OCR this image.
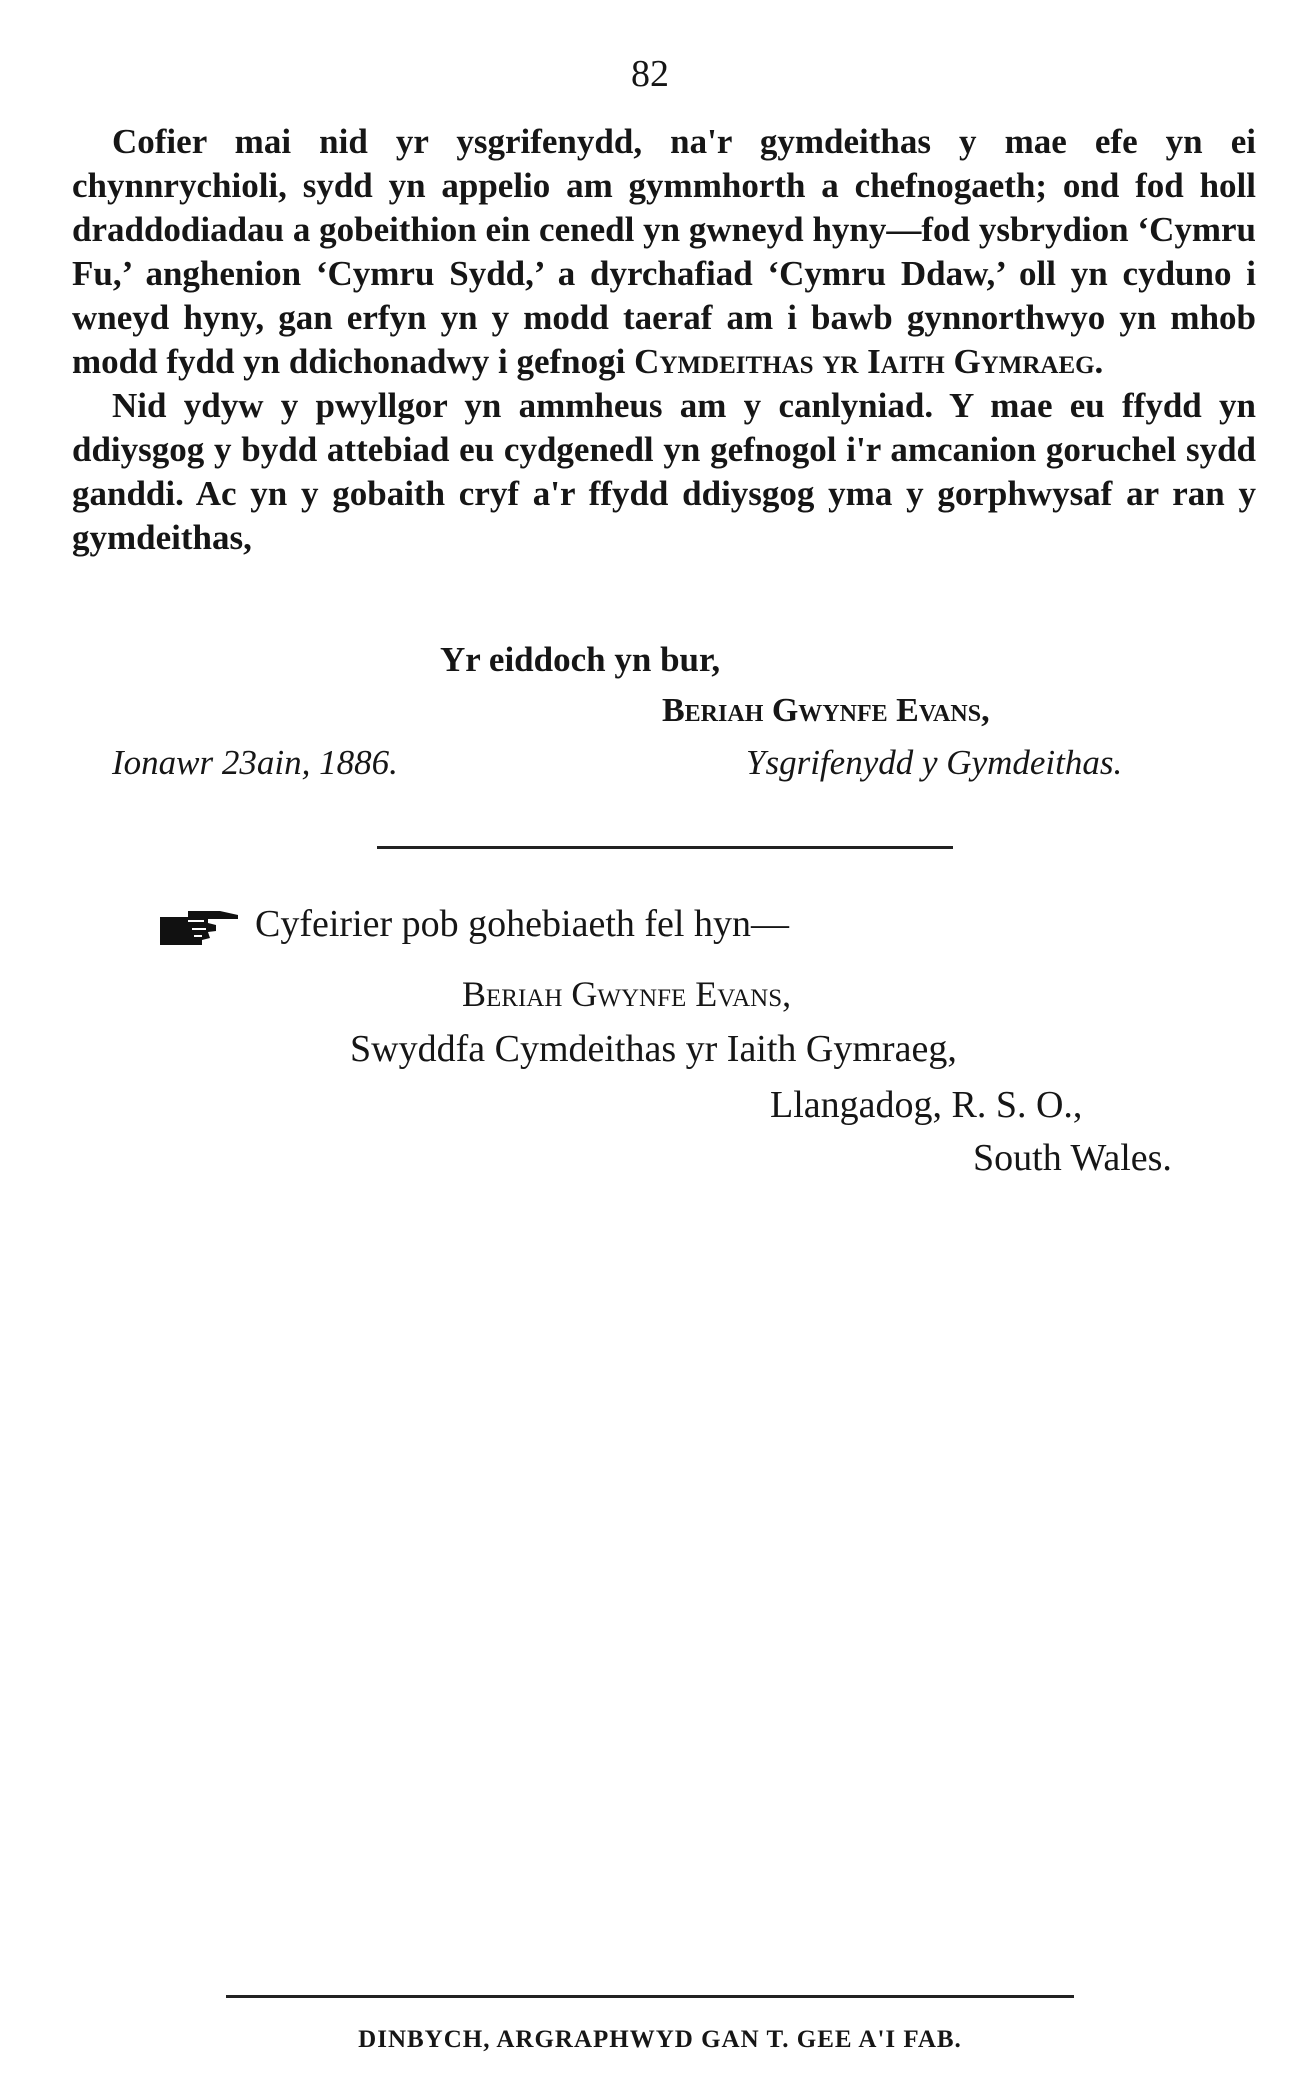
82

Cofier mai nid yr ysgrifenydd, na'r gymdeithas y mae efe yn ei chynnrychioli, sydd yn appelio am gymmhorth a chefnogaeth; ond fod holl draddodiadau a gobeithion ein cenedl yn gwneyd hyny—fod ysbrydion ‘Cymru Fu,’ anghenion ‘Cymru Sydd,’ a dyrchafiad ‘Cymru Ddaw,’ oll yn cyduno i wneyd hyny, gan erfyn yn y modd taeraf am i bawb gynnorthwyo yn mhob modd fydd yn ddichonadwy i gefnogi Cymdeithas yr Iaith Gymraeg.

Nid ydyw y pwyllgor yn ammheus am y canlyniad. Y mae eu ffydd yn ddiysgog y bydd attebiad eu cydgenedl yn gefnogol i'r amcanion goruchel sydd ganddi. Ac yn y gobaith cryf a'r ffydd ddiysgog yma y gorphwysaf ar ran y gymdeithas,

Yr eiddoch yn bur,
Beriah Gwynfe Evans,
Ionawr 23ain, 1886.	Ysgrifenydd y Gymdeithas.
Cyfeirier pob gohebiaeth fel hyn—
Beriah Gwynfe Evans,
Swyddfa Cymdeithas yr Iaith Gymraeg,
Llangadog, R. S. O.,
South Wales.
DINBYCH, ARGRAPHWYD GAN T. GEE A'I FAB.
